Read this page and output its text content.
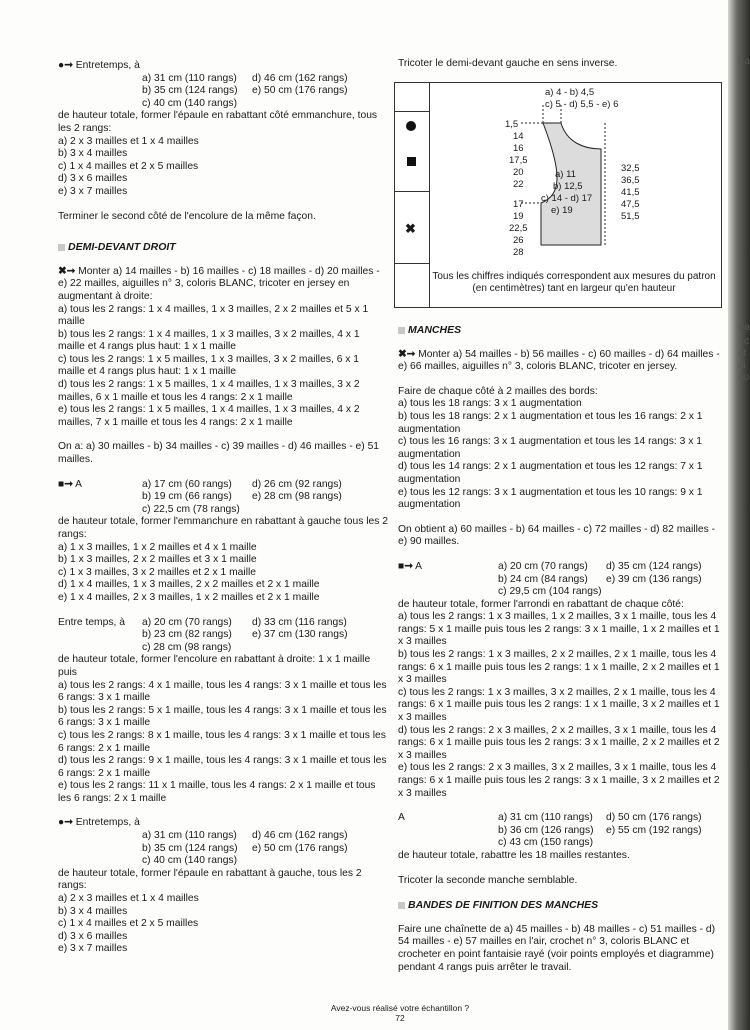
Fa
Fa
- c
et
di
au

●➞ Entretemps, à

a) 31 cm (110 rangs)	d) 46 cm (162 rangs)

b) 35 cm (124 rangs)	e) 50 cm (176 rangs)

c) 40 cm (140 rangs)

de hauteur totale, former l'épaule en rabattant côté emmanchure, tous les 2 rangs:

a) 2 x 3 mailles et 1 x 4 mailles

b) 3 x 4 mailles

c) 1 x 4 mailles et 2 x 5 mailles

d) 3 x 6 mailles

e) 3 x 7 mailles

Terminer le second côté de l'encolure de la même façon.

DEMI-DEVANT DROIT

✖➞ Monter a) 14 mailles - b) 16 mailles - c) 18 mailles - d) 20 mailles - e) 22 mailles, aiguilles n° 3, coloris BLANC, tricoter en jersey en augmentant à droite:

a) tous les 2 rangs: 1 x 4 mailles, 1 x 3 mailles, 2 x 2 mailles et 5 x 1 maille

b) tous les 2 rangs: 1 x 4 mailles, 1 x 3 mailles, 3 x 2 mailles, 4 x 1 maille et 4 rangs plus haut: 1 x 1 maille

c) tous les 2 rangs: 1 x 5 mailles, 1 x 3 mailles, 3 x 2 mailles, 6 x 1 maille et 4 rangs plus haut: 1 x 1 maille

d) tous les 2 rangs: 1 x 5 mailles, 1 x 4 mailles, 1 x 3 mailles, 3 x 2 mailles, 6 x 1 maille et tous les 4 rangs: 2 x 1 maille

e) tous les 2 rangs: 1 x 5 mailles, 1 x 4 mailles, 1 x 3 mailles, 4 x 2 mailles, 7 x 1 maille et tous les 4 rangs: 2 x 1 maille

On a: a) 30 mailles - b) 34 mailles - c) 39 mailles - d) 46 mailles - e) 51 mailles.

■➞ A	a) 17 cm (60 rangs)	d) 26 cm (92 rangs)

b) 19 cm (66 rangs)	e) 28 cm (98 rangs)

c) 22,5 cm (78 rangs)

de hauteur totale, former l'emmanchure en rabattant à gauche tous les 2 rangs:

a) 1 x 3 mailles, 1 x 2 mailles et 4 x 1 maille

b) 1 x 3 mailles, 2 x 2 mailles et 3 x 1 maille

c) 1 x 3 mailles, 3 x 2 mailles et 2 x 1 maille

d) 1 x 4 mailles, 1 x 3 mailles, 2 x 2 mailles et 2 x 1 maille

e) 1 x 4 mailles, 2 x 3 mailles, 1 x 2 mailles et 2 x 1 maille

Entre temps, à	a) 20 cm (70 rangs)	d) 33 cm (116 rangs)

b) 23 cm (82 rangs)	e) 37 cm (130 rangs)

c) 28 cm (98 rangs)

de hauteur totale, former l'encolure en rabattant à droite: 1 x 1 maille puis

a) tous les 2 rangs: 4 x 1 maille, tous les 4 rangs: 3 x 1 maille et tous les 6 rangs: 3 x 1 maille

b) tous les 2 rangs: 5 x 1 maille, tous les 4 rangs: 3 x 1 maille et tous les 6 rangs: 3 x 1 maille

c) tous les 2 rangs: 8 x 1 maille, tous les 4 rangs: 3 x 1 maille et tous les 6 rangs: 2 x 1 maille

d) tous les 2 rangs: 9 x 1 maille, tous les 4 rangs: 3 x 1 maille et tous les 6 rangs: 2 x 1 maille

e) tous les 2 rangs: 11 x 1 maille, tous les 4 rangs: 2 x 1 maille et tous les 6 rangs: 2 x 1 maille

●➞ Entretemps, à

a) 31 cm (110 rangs)	d) 46 cm (162 rangs)

b) 35 cm (124 rangs)	e) 50 cm (176 rangs)

c) 40 cm (140 rangs)

de hauteur totale, former l'épaule en rabattant à gauche, tous les 2 rangs:

a) 2 x 3 mailles et 1 x 4 mailles

b) 3 x 4 mailles

c) 1 x 4 mailles et 2 x 5 mailles

d) 3 x 6 mailles

e) 3 x 7 mailles

Tricoter le demi-devant gauche en sens inverse.

✖
a) 4 - b) 4,5
c) 5 - d) 5,5 - e) 6
1,5
14
16
17,5
20
22
17
19
22,5
26
28
a) 11
b) 12,5
c) 14 - d) 17
e) 19
32,5
36,5
41,5
47,5
51,5
Tous les chiffres indiqués correspondent aux mesures du patron (en centimètres) tant en largeur qu'en hauteur

MANCHES

✖➞ Monter a) 54 mailles - b) 56 mailles - c) 60 mailles - d) 64 mailles - e) 66 mailles, aiguilles n° 3, coloris BLANC, tricoter en jersey.

Faire de chaque côté à 2 mailles des bords:

a) tous les 18 rangs: 3 x 1 augmentation

b) tous les 18 rangs: 2 x 1 augmentation et tous les 16 rangs: 2 x 1 augmentation

c) tous les 16 rangs: 3 x 1 augmentation et tous les 14 rangs: 3 x 1 augmentation

d) tous les 14 rangs: 2 x 1 augmentation et tous les 12 rangs: 7 x 1 augmentation

e) tous les 12 rangs: 3 x 1 augmentation et tous les 10 rangs: 9 x 1 augmentation

On obtient a) 60 mailles - b) 64 mailles - c) 72 mailles - d) 82 mailles - e) 90 mailles.

■➞ A	a) 20 cm (70 rangs)	d) 35 cm (124 rangs)

b) 24 cm (84 rangs)	e) 39 cm (136 rangs)

c) 29,5 cm (104 rangs)

de hauteur totale, former l'arrondi en rabattant de chaque côté:

a) tous les 2 rangs: 1 x 3 mailles, 1 x 2 mailles, 3 x 1 maille, tous les 4 rangs: 5 x 1 maille puis tous les 2 rangs: 3 x 1 maille, 1 x 2 mailles et 1 x 3 mailles

b) tous les 2 rangs: 1 x 3 mailles, 2 x 2 mailles, 2 x 1 maille, tous les 4 rangs: 6 x 1 maille puis tous les 2 rangs: 1 x 1 maille, 2 x 2 mailles et 1 x 3 mailles

c) tous les 2 rangs: 1 x 3 mailles, 3 x 2 mailles, 2 x 1 maille, tous les 4 rangs: 6 x 1 maille puis tous les 2 rangs: 1 x 1 maille, 3 x 2 mailles et 1 x 3 mailles

d) tous les 2 rangs: 2 x 3 mailles, 2 x 2 mailles, 3 x 1 maille, tous les 4 rangs: 6 x 1 maille puis tous les 2 rangs: 3 x 1 maille, 2 x 2 mailles et 2 x 3 mailles

e) tous les 2 rangs: 2 x 3 mailles, 3 x 2 mailles, 3 x 1 maille, tous les 4 rangs: 6 x 1 maille puis tous les 2 rangs: 3 x 1 maille, 3 x 2 mailles et 2 x 3 mailles

A	a) 31 cm (110 rangs)	d) 50 cm (176 rangs)

b) 36 cm (126 rangs)	e) 55 cm (192 rangs)

c) 43 cm (150 rangs)

de hauteur totale, rabattre les 18 mailles restantes.

Tricoter la seconde manche semblable.

BANDES DE FINITION DES MANCHES

Faire une chaînette de a) 45 mailles - b) 48 mailles - c) 51 mailles - d) 54 mailles - e) 57 mailles en l'air, crochet n° 3, coloris BLANC et crocheter en point fantaisie rayé (voir points employés et diagramme) pendant 4 rangs puis arrêter le travail.

Avez-vous réalisé votre échantillon ?
72
